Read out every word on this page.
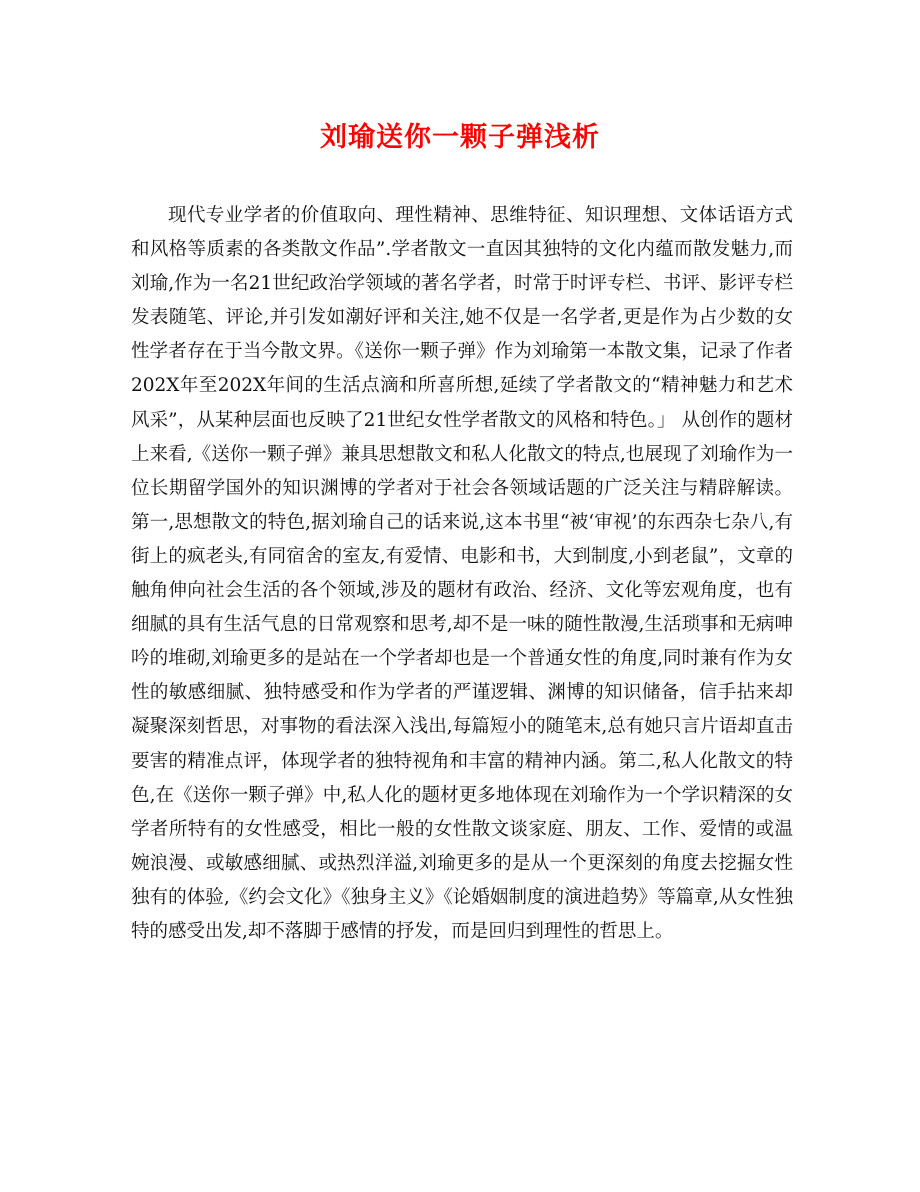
刘瑜送你一颗子弹浅析

现代专业学者的价值取向、理性精神、思维特征、知识理想、文体话语方式和风格等质素的各类散文作品”.学者散文一直因其独特的文化内蕴而散发魅力,而刘瑜,作为一名21世纪政治学领域的著名学者，时常于时评专栏、书评、影评专栏发表随笔、评论,并引发如潮好评和关注,她不仅是一名学者,更是作为占少数的女性学者存在于当今散文界。《送你一颗子弹》作为刘瑜第一本散文集，记录了作者202X年至202X年间的生活点滴和所喜所想,延续了学者散文的“精神魅力和艺术风采”，从某种层面也反映了21世纪女性学者散文的风格和特色。」 从创作的题材上来看,《送你一颗子弹》兼具思想散文和私人化散文的特点,也展现了刘瑜作为一位长期留学国外的知识渊博的学者对于社会各领域话题的广泛关注与精辟解读。第一,思想散文的特色,据刘瑜自己的话来说,这本书里“被‘审视’的东西杂七杂八,有街上的疯老头,有同宿舍的室友,有爱情、电影和书，大到制度,小到老鼠”，文章的触角伸向社会生活的各个领域,涉及的题材有政治、经济、文化等宏观角度，也有细腻的具有生活气息的日常观察和思考,却不是一味的随性散漫,生活琐事和无病呻吟的堆砌,刘瑜更多的是站在一个学者却也是一个普通女性的角度,同时兼有作为女性的敏感细腻、独特感受和作为学者的严谨逻辑、渊博的知识储备，信手拈来却凝聚深刻哲思，对事物的看法深入浅出,每篇短小的随笔末,总有她只言片语却直击要害的精准点评，体现学者的独特视角和丰富的精神内涵。第二,私人化散文的特色,在《送你一颗子弹》中,私人化的题材更多地体现在刘瑜作为一个学识精深的女学者所特有的女性感受，相比一般的女性散文谈家庭、朋友、工作、爱情的或温婉浪漫、或敏感细腻、或热烈洋溢,刘瑜更多的是从一个更深刻的角度去挖掘女性独有的体验,《约会文化》《独身主义》《论婚姻制度的演进趋势》等篇章,从女性独特的感受出发,却不落脚于感情的抒发，而是回归到理性的哲思上。
